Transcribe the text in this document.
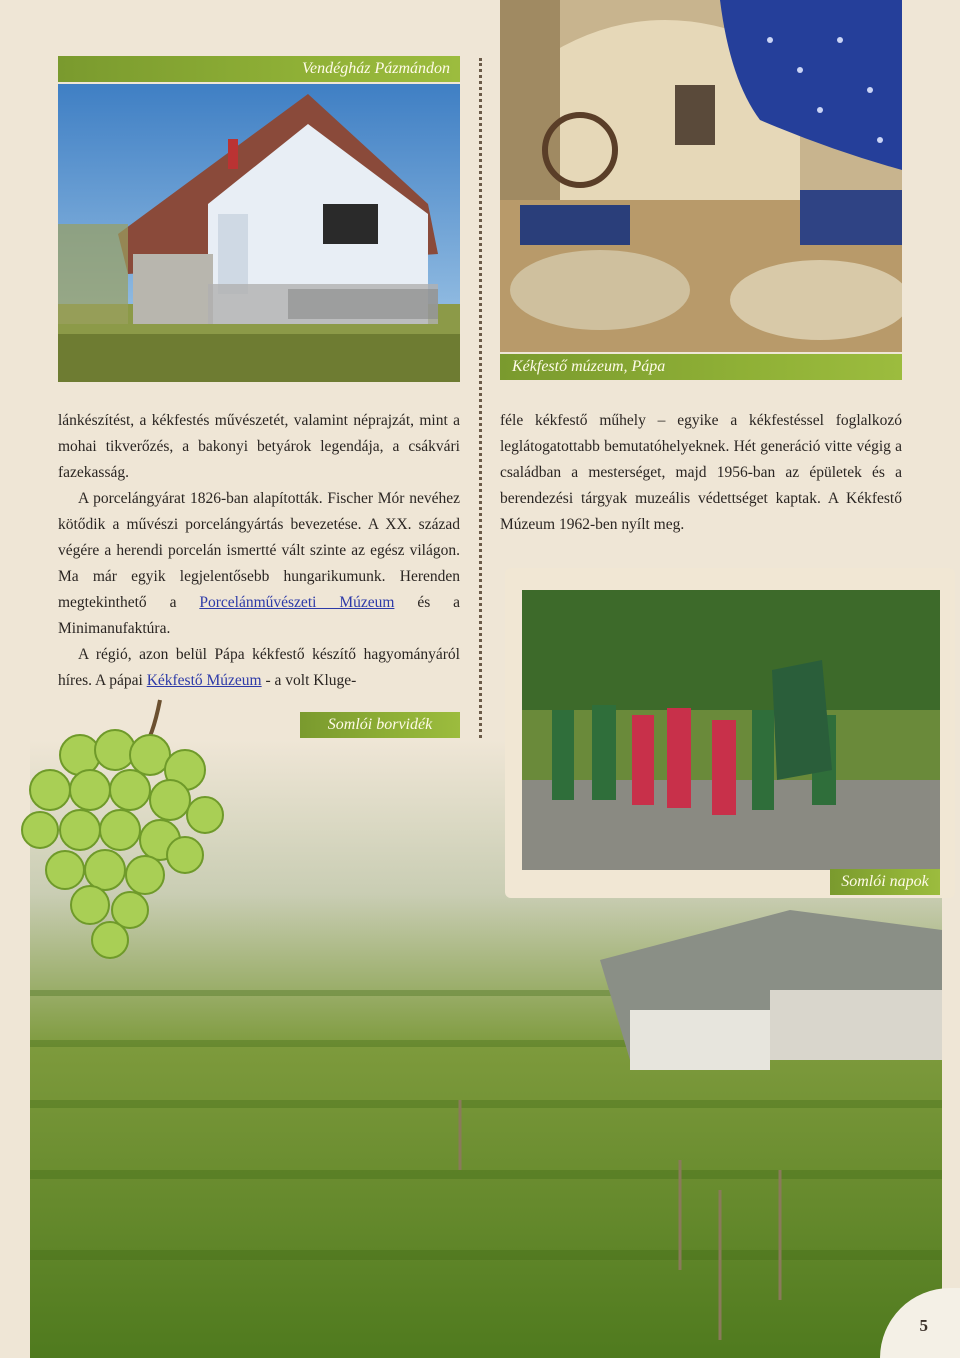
Vendégház Pázmándon
Kékfestő múzeum, Pápa

lánkészítést, a kékfestés művészetét, valamint néprajzát, mint a mohai tikverőzés, a bakonyi betyárok legendája, a csákvári fazekasság.

A porcelángyárat 1826-ban alapították. Fischer Mór nevéhez kötődik a művészi porcelángyártás bevezetése. A XX. század végére a herendi porcelán ismertté vált szinte az egész világon. Ma már egyik legjelentősebb hungarikumunk. Herenden megtekinthető a Porcelánművészeti Múzeum és a Minimanufaktúra.

A régió, azon belül Pápa kékfestő készítő hagyományáról híres. A pápai Kékfestő Múzeum - a volt Kluge-

féle kékfestő műhely – egyike a kékfestéssel foglalkozó leglátogatottabb bemutatóhelyeknek. Hét generáció vitte végig a családban a mesterséget, majd 1956-ban az épületek és a berendezési tárgyak muzeális védettséget kaptak. A Kékfestő Múzeum 1962-ben nyílt meg.

Somlói borvidék
Somlói napok
5
